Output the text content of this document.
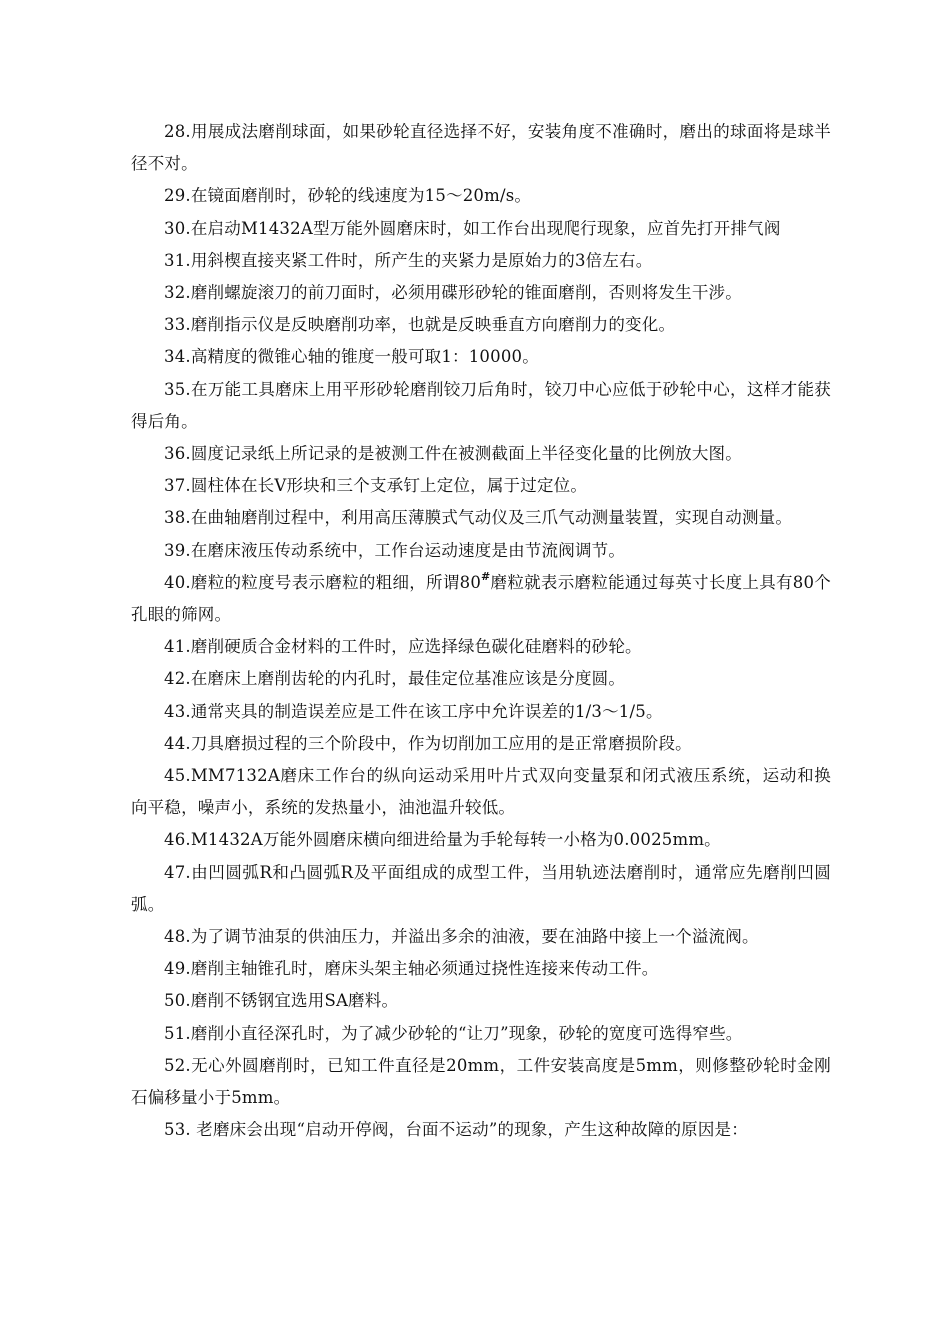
28.用展成法磨削球面，如果砂轮直径选择不好，安装角度不准确时，磨出的球面将是球半径不对。

29.在镜面磨削时，砂轮的线速度为15～20m/s。

30.在启动M1432A型万能外圆磨床时，如工作台出现爬行现象，应首先打开排气阀

31.用斜楔直接夹紧工件时，所产生的夹紧力是原始力的3倍左右。

32.磨削螺旋滚刀的前刀面时，必须用碟形砂轮的锥面磨削，否则将发生干涉。

33.磨削指示仪是反映磨削功率，也就是反映垂直方向磨削力的变化。

34.高精度的微锥心轴的锥度一般可取1：10000。

35.在万能工具磨床上用平形砂轮磨削铰刀后角时，铰刀中心应低于砂轮中心，这样才能获得后角。

36.圆度记录纸上所记录的是被测工件在被测截面上半径变化量的比例放大图。

37.圆柱体在长V形块和三个支承钉上定位，属于过定位。

38.在曲轴磨削过程中，利用高压薄膜式气动仪及三爪气动测量装置，实现自动测量。

39.在磨床液压传动系统中，工作台运动速度是由节流阀调节。

40.磨粒的粒度号表示磨粒的粗细，所谓80#磨粒就表示磨粒能通过每英寸长度上具有80个孔眼的筛网。

41.磨削硬质合金材料的工件时，应选择绿色碳化硅磨料的砂轮。

42.在磨床上磨削齿轮的内孔时，最佳定位基准应该是分度圆。

43.通常夹具的制造误差应是工件在该工序中允许误差的1/3～1/5。

44.刀具磨损过程的三个阶段中，作为切削加工应用的是正常磨损阶段。

45.MM7132A磨床工作台的纵向运动采用叶片式双向变量泵和闭式液压系统，运动和换向平稳，噪声小，系统的发热量小，油池温升较低。

46.M1432A万能外圆磨床横向细进给量为手轮每转一小格为0.0025mm。

47.由凹圆弧R和凸圆弧R及平面组成的成型工件，当用轨迹法磨削时，通常应先磨削凹圆弧。

48.为了调节油泵的供油压力，并溢出多余的油液，要在油路中接上一个溢流阀。

49.磨削主轴锥孔时，磨床头架主轴必须通过挠性连接来传动工件。

50.磨削不锈钢宜选用SA磨料。

51.磨削小直径深孔时，为了减少砂轮的“让刀”现象，砂轮的宽度可选得窄些。

52.无心外圆磨削时，已知工件直径是20mm，工件安装高度是5mm，则修整砂轮时金刚石偏移量小于5mm。

53. 老磨床会出现“启动开停阀，台面不运动”的现象，产生这种故障的原因是：
